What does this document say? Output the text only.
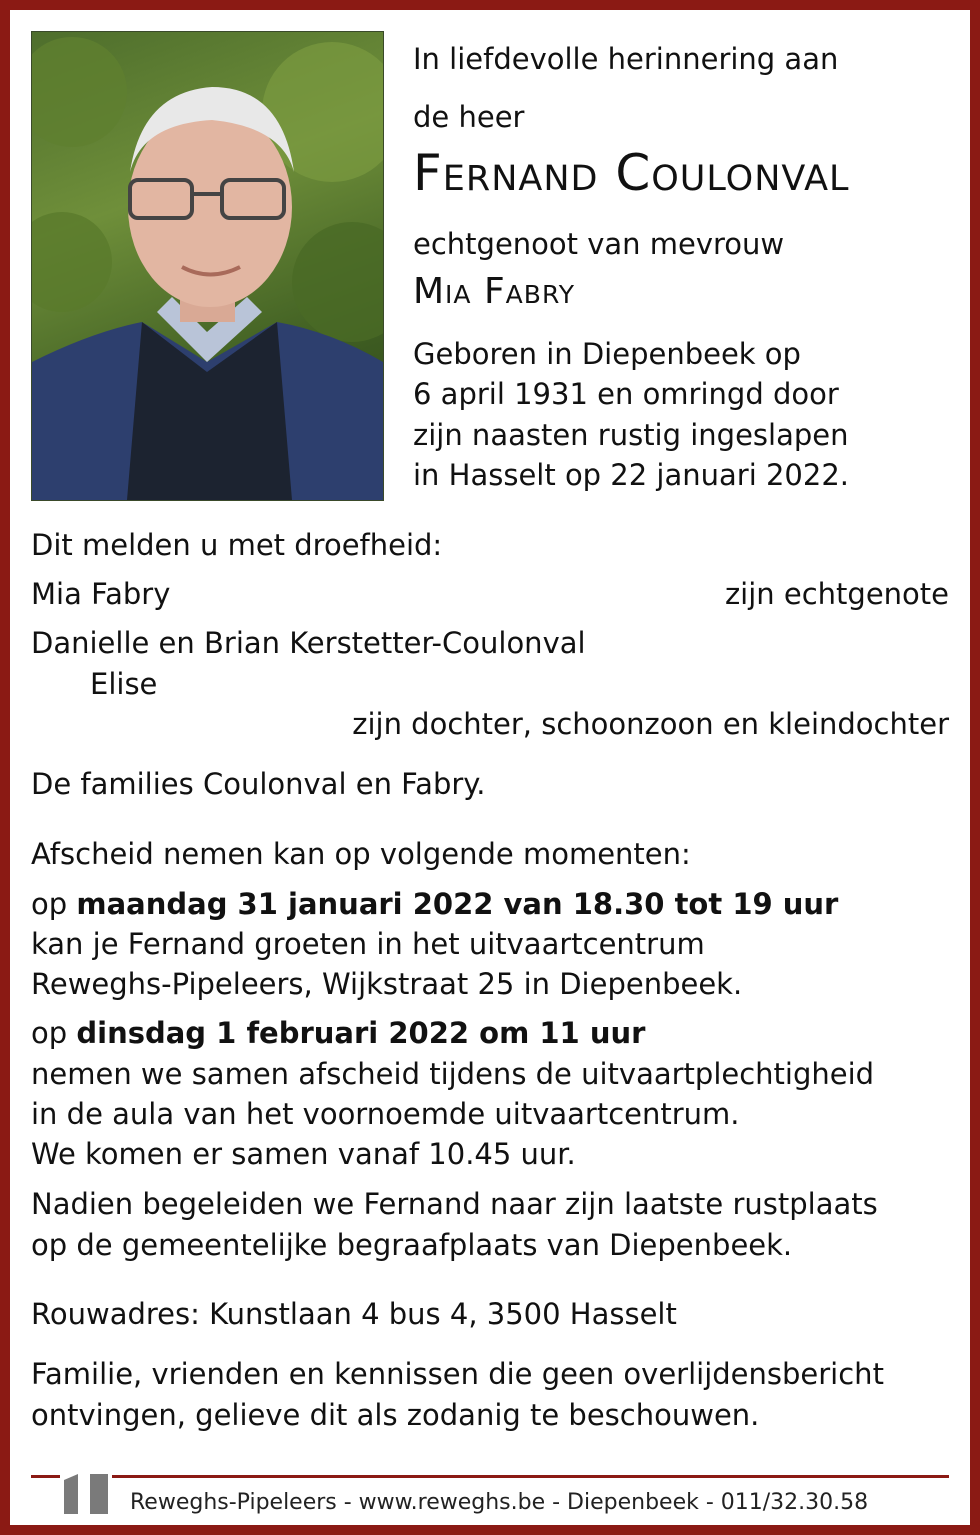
In liefdevolle herinnering aan
de heer
Fernand Coulonval
echtgenoot van mevrouw
Mia Fabry
Geboren in Diepenbeek op
6 april 1931 en omringd door
zijn naasten rustig ingeslapen
in Hasselt op 22 januari 2022.
Dit melden u met droefheid:
Mia Fabry	zijn echtgenote
Danielle en Brian Kerstetter-Coulonval
Elise
zijn dochter, schoonzoon en kleindochter
De families Coulonval en Fabry.
Afscheid nemen kan op volgende momenten:
op maandag 31 januari 2022 van 18.30 tot 19 uur
kan je Fernand groeten in het uitvaartcentrum
Reweghs-Pipeleers, Wijkstraat 25 in Diepenbeek.
op dinsdag 1 februari 2022 om 11 uur
nemen we samen afscheid tijdens de uitvaartplechtigheid
in de aula van het voornoemde uitvaartcentrum.
We komen er samen vanaf 10.45 uur.
Nadien begeleiden we Fernand naar zijn laatste rustplaats
op de gemeentelijke begraafplaats van Diepenbeek.
Rouwadres: Kunstlaan 4 bus 4, 3500 Hasselt
Familie, vrienden en kennissen die geen overlijdensbericht
ontvingen, gelieve dit als zodanig te beschouwen.
Reweghs-Pipeleers - www.reweghs.be - Diepenbeek - 011/32.30.58
